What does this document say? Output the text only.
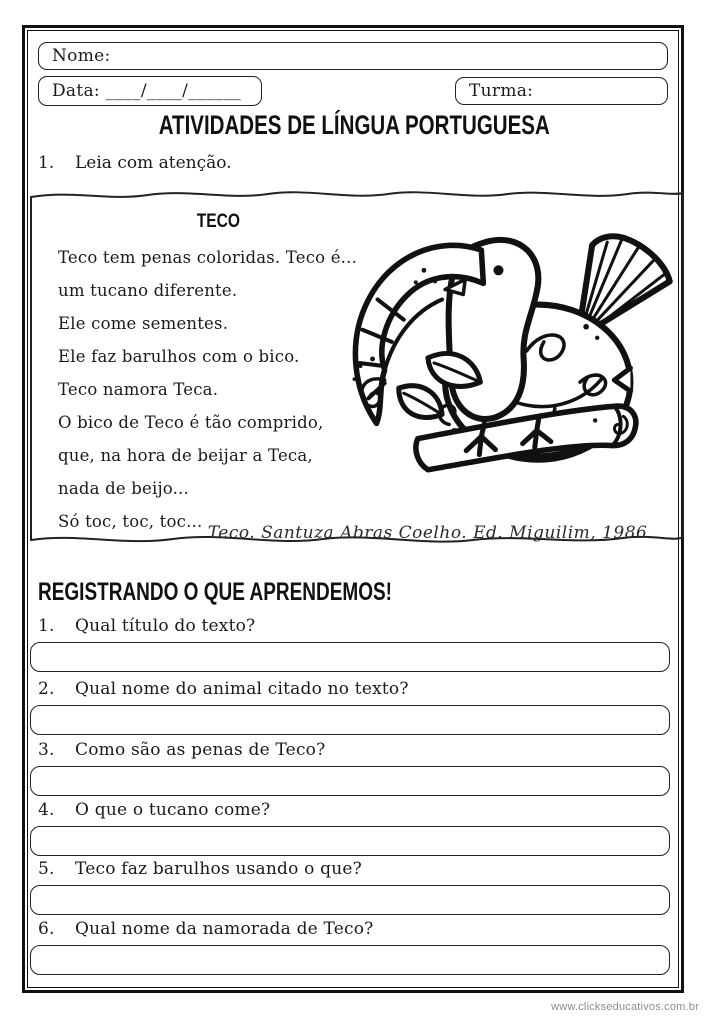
Nome:
Data: ____/____/______	Turma:
ATIVIDADES DE LÍNGUA PORTUGUESA
1. Leia com atenção.
TECO
Teco tem penas coloridas. Teco é...
um tucano diferente.
Ele come sementes.
Ele faz barulhos com o bico.
Teco namora Teca.
O bico de Teco é tão comprido,
que, na hora de beijar a Teca,
nada de beijo...
Só toc, toc, toc...
Teco. Santuza Abras Coelho. Ed. Miguilim, 1986.
REGISTRANDO O QUE APRENDEMOS!
1. Qual título do texto?
2. Qual nome do animal citado no texto?
3. Como são as penas de Teco?
4. O que o tucano come?
5. Teco faz barulhos usando o que?
6. Qual nome da namorada de Teco?
www.clickseducativos.com.br
